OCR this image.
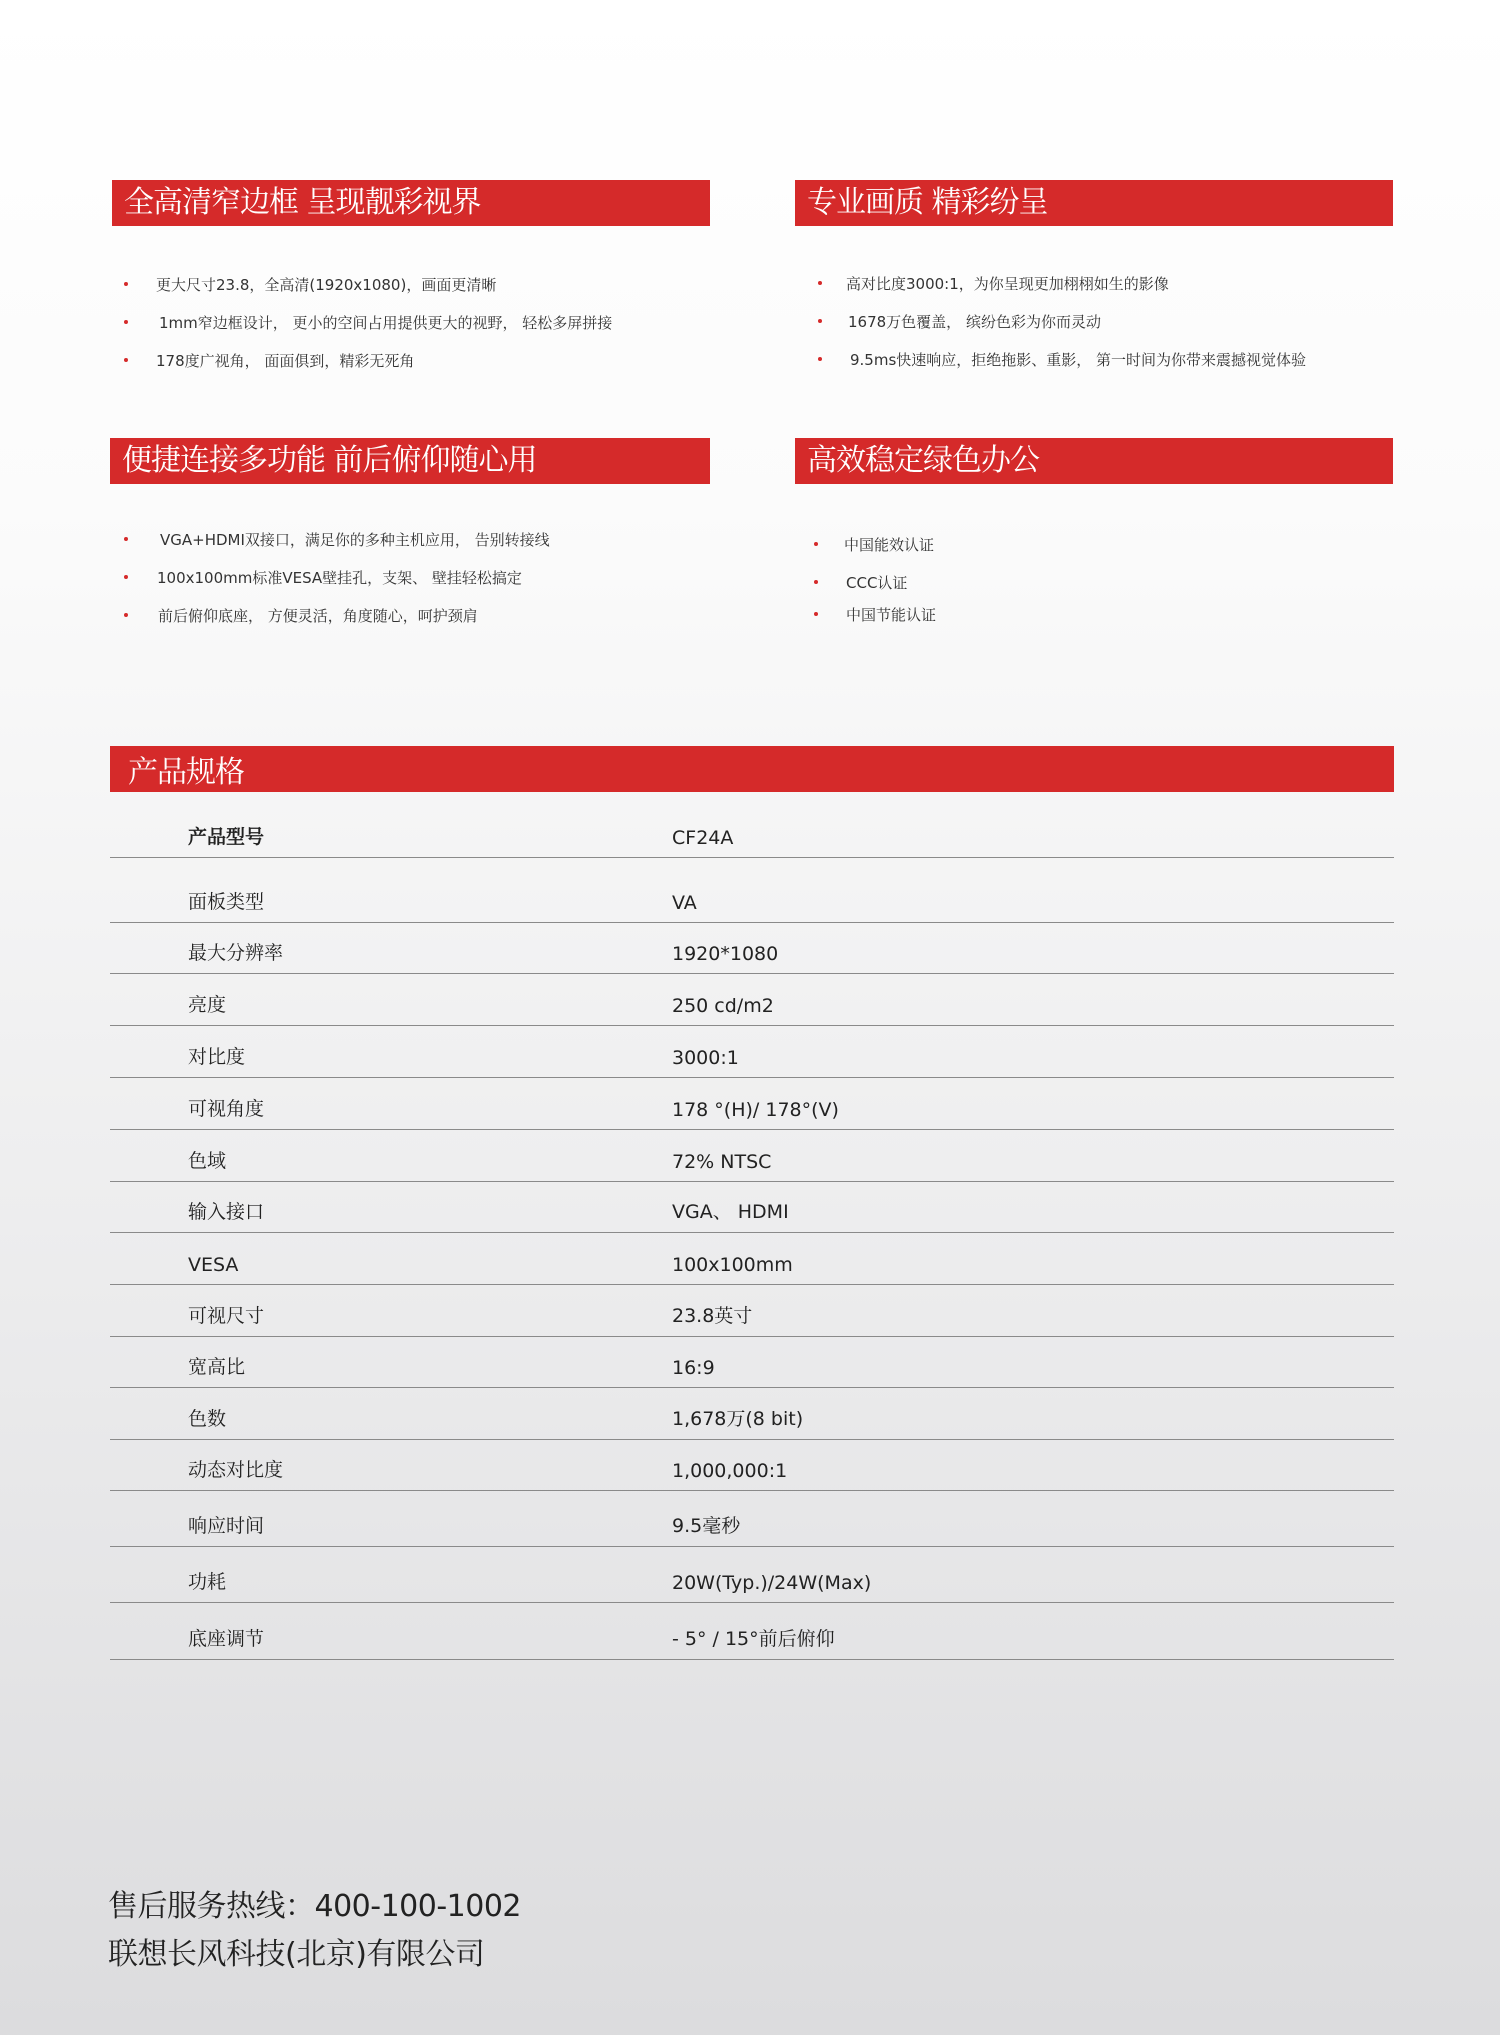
全高清窄边框 呈现靓彩视界	专业画质 精彩纷呈
便捷连接多功能 前后俯仰随心用	高效稳定绿色办公
更大尺寸23.8，全高清(1920x1080)，画面更清晰
1mm窄边框设计， 更小的空间占用提供更大的视野， 轻松多屏拼接
178度广视角， 面面俱到，精彩无死角
高对比度3000:1，为你呈现更加栩栩如生的影像
1678万色覆盖， 缤纷色彩为你而灵动
9.5ms快速响应，拒绝拖影、重影， 第一时间为你带来震撼视觉体验
VGA+HDMI双接口，满足你的多种主机应用， 告别转接线
100x100mm标准VESA壁挂孔，支架、 壁挂轻松搞定
前后俯仰底座， 方便灵活，角度随心，呵护颈肩
中国能效认证
CCC认证
中国节能认证
产品规格
产品型号	CF24A
面板类型	VA
最大分辨率	1920*1080
亮度	250 cd/m2
对比度	3000:1
可视角度	178 °(H)/ 178°(V)
色域	72% NTSC
输入接口	VGA、 HDMI
VESA	100x100mm
可视尺寸	23.8英寸
宽高比	16:9
色数	1,678万(8 bit)
动态对比度	1,000,000:1
响应时间	9.5毫秒
功耗	20W(Typ.)/24W(Max)
底座调节	- 5° / 15°前后俯仰
售后服务热线：400-100-1002
联想长风科技(北京)有限公司
